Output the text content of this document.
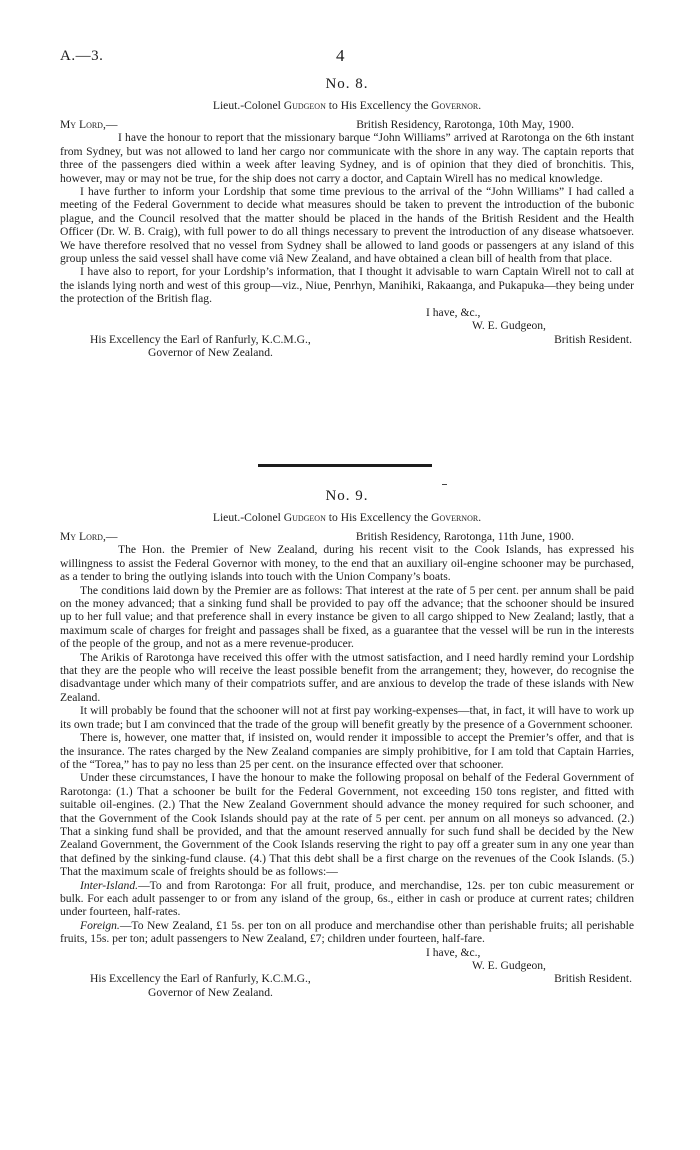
A.—3.	4

No. 8.

Lieut.-Colonel Gudgeon to His Excellency the Governor.

My Lord,—	British Residency, Rarotonga, 10th May, 1900.

I have the honour to report that the missionary barque “John Williams” arrived at Rarotonga on the 6th instant from Sydney, but was not allowed to land her cargo nor communicate with the shore in any way. The captain reports that three of the passengers died within a week after leaving Sydney, and is of opinion that they died of bronchitis. This, however, may or may not be true, for the ship does not carry a doctor, and Captain Wirell has no medical knowledge.

I have further to inform your Lordship that some time previous to the arrival of the “John Williams” I had called a meeting of the Federal Government to decide what measures should be taken to prevent the introduction of the bubonic plague, and the Council resolved that the matter should be placed in the hands of the British Resident and the Health Officer (Dr. W. B. Craig), with full power to do all things necessary to prevent the introduction of any disease whatsoever. We have therefore resolved that no vessel from Sydney shall be allowed to land goods or passengers at any island of this group unless the said vessel shall have come viâ New Zealand, and have obtained a clean bill of health from that place.

I have also to report, for your Lordship’s information, that I thought it advisable to warn Captain Wirell not to call at the islands lying north and west of this group—viz., Niue, Penrhyn, Manihiki, Rakaanga, and Pukapuka—they being under the protection of the British flag.

I have, &c.,
W. E. Gudgeon,
His Excellency the Earl of Ranfurly, K.C.M.G.,	British Resident.
Governor of New Zealand.

No. 9.

Lieut.-Colonel Gudgeon to His Excellency the Governor.

My Lord,—	British Residency, Rarotonga, 11th June, 1900.

The Hon. the Premier of New Zealand, during his recent visit to the Cook Islands, has expressed his willingness to assist the Federal Governor with money, to the end that an auxiliary oil-engine schooner may be purchased, as a tender to bring the outlying islands into touch with the Union Company’s boats.

The conditions laid down by the Premier are as follows: That interest at the rate of 5 per cent. per annum shall be paid on the money advanced; that a sinking fund shall be provided to pay off the advance; that the schooner should be insured up to her full value; and that preference shall in every instance be given to all cargo shipped to New Zealand; lastly, that a maximum scale of charges for freight and passages shall be fixed, as a guarantee that the vessel will be run in the interests of the people of the group, and not as a mere revenue-producer.

The Arikis of Rarotonga have received this offer with the utmost satisfaction, and I need hardly remind your Lordship that they are the people who will receive the least possible benefit from the arrangement; they, however, do recognise the disadvantage under which many of their compatriots suffer, and are anxious to develop the trade of these islands with New Zealand.

It will probably be found that the schooner will not at first pay working-expenses—that, in fact, it will have to work up its own trade; but I am convinced that the trade of the group will benefit greatly by the presence of a Government schooner.

There is, however, one matter that, if insisted on, would render it impossible to accept the Premier’s offer, and that is the insurance. The rates charged by the New Zealand companies are simply prohibitive, for I am told that Captain Harries, of the “Torea,” has to pay no less than 25 per cent. on the insurance effected over that schooner.

Under these circumstances, I have the honour to make the following proposal on behalf of the Federal Government of Rarotonga: (1.) That a schooner be built for the Federal Government, not exceeding 150 tons register, and fitted with suitable oil-engines. (2.) That the New Zealand Government should advance the money required for such schooner, and that the Government of the Cook Islands should pay at the rate of 5 per cent. per annum on all moneys so advanced. (2.) That a sinking fund shall be provided, and that the amount reserved annually for such fund shall be decided by the New Zealand Government, the Government of the Cook Islands reserving the right to pay off a greater sum in any one year than that defined by the sinking-fund clause. (4.) That this debt shall be a first charge on the revenues of the Cook Islands. (5.) That the maximum scale of freights should be as follows:—

Inter-Island.—To and from Rarotonga: For all fruit, produce, and merchandise, 12s. per ton cubic measurement or bulk. For each adult passenger to or from any island of the group, 6s., either in cash or produce at current rates; children under fourteen, half-rates.

Foreign.—To New Zealand, £1 5s. per ton on all produce and merchandise other than perishable fruits; all perishable fruits, 15s. per ton; adult passengers to New Zealand, £7; children under fourteen, half-fare.

I have, &c.,
W. E. Gudgeon,
His Excellency the Earl of Ranfurly, K.C.M.G.,	British Resident.
Governor of New Zealand.
